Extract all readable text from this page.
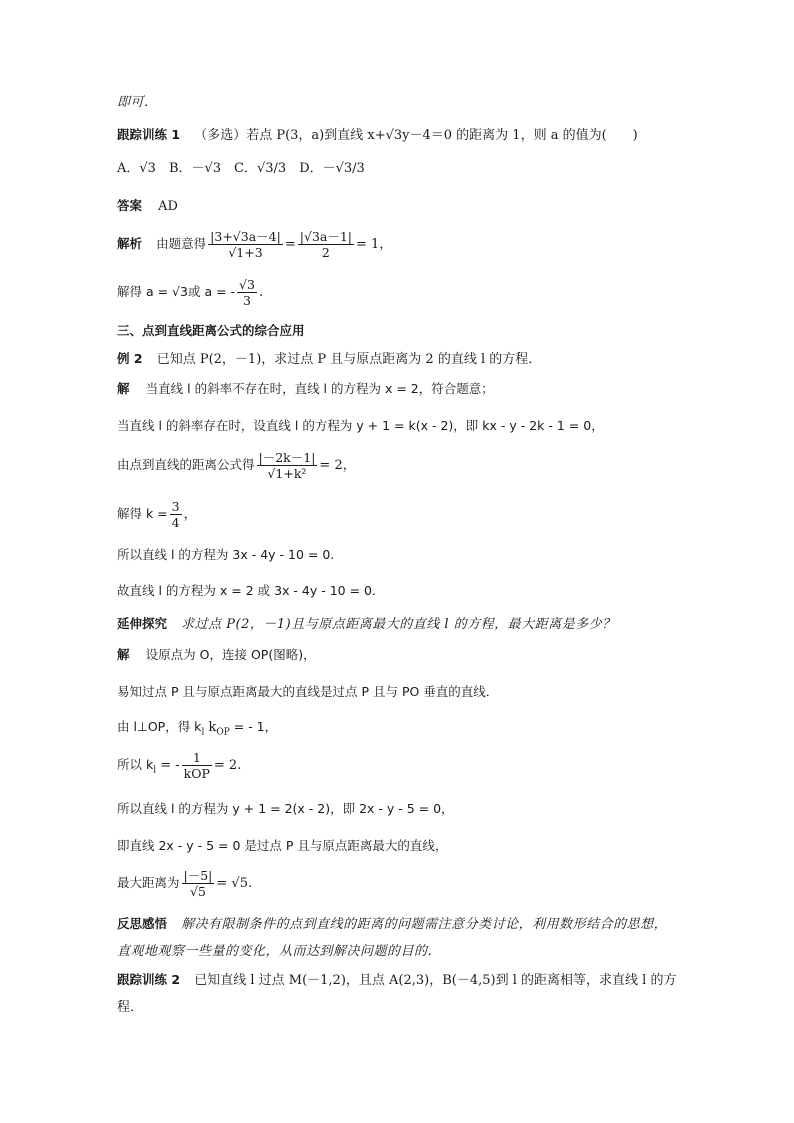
即可．
跟踪训练 1 （多选）若点 P(3，a)到直线 x+√3y－4＝0 的距离为 1，则 a 的值为(　　)
A．√3　B．－√3　C．√3/3　D．－√3/3
答案 AD
解析 由题意得 $\frac{|3+√3a-4|}{√1+3} = \frac{|√3a-1|}{2} = 1$，
解得 a = √3或 a = - $\frac{√3}{3}$ .
三、点到直线距离公式的综合应用
例 2 已知点 P(2，－1)，求过点 P 且与原点距离为 2 的直线 l 的方程．
解 当直线 l 的斜率不存在时，直线 l 的方程为 x = 2，符合题意；
当直线 l 的斜率存在时，设直线 l 的方程为 y + 1 = k(x - 2)，即 kx - y - 2k - 1 = 0，
由点到直线的距离公式得 $\frac{|-2k-1|}{\text{√1+k²}} = 2$，
解得 $k = \frac{3}{4}$ ，
所以直线 l 的方程为 3x - 4y - 10 = 0.
故直线 l 的方程为 x = 2 或 3x - 4y - 10 = 0.
延伸探究 求过点 P(2，－1)且与原点距离最大的直线 l 的方程，最大距离是多少？
解 设原点为 O，连接 OP(图略)，
易知过点 P 且与原点距离最大的直线是过点 P 且与 PO 垂直的直线．
由 l⊥OP，得 $k_l$ $k_{OP}$ = - 1，
所以 $k_l$ = - $\frac{1}{\text{kOP}} = 2$.
所以直线 l 的方程为 y + 1 = 2(x - 2)，即 2x - y - 5 = 0，
即直线 2x - y - 5 = 0 是过点 P 且与原点距离最大的直线，
最大距离为 $\frac{|-5|}{√5} = √5$.
反思感悟 解决有限制条件的点到直线的距离的问题需注意分类讨论，利用数形结合的思想，
直观地观察一些量的变化，从而达到解决问题的目的．
跟踪训练 2 已知直线 l 过点 M(－1,2)，且点 A(2,3)，B(－4,5)到 l 的距离相等，求直线 l 的方
程．
